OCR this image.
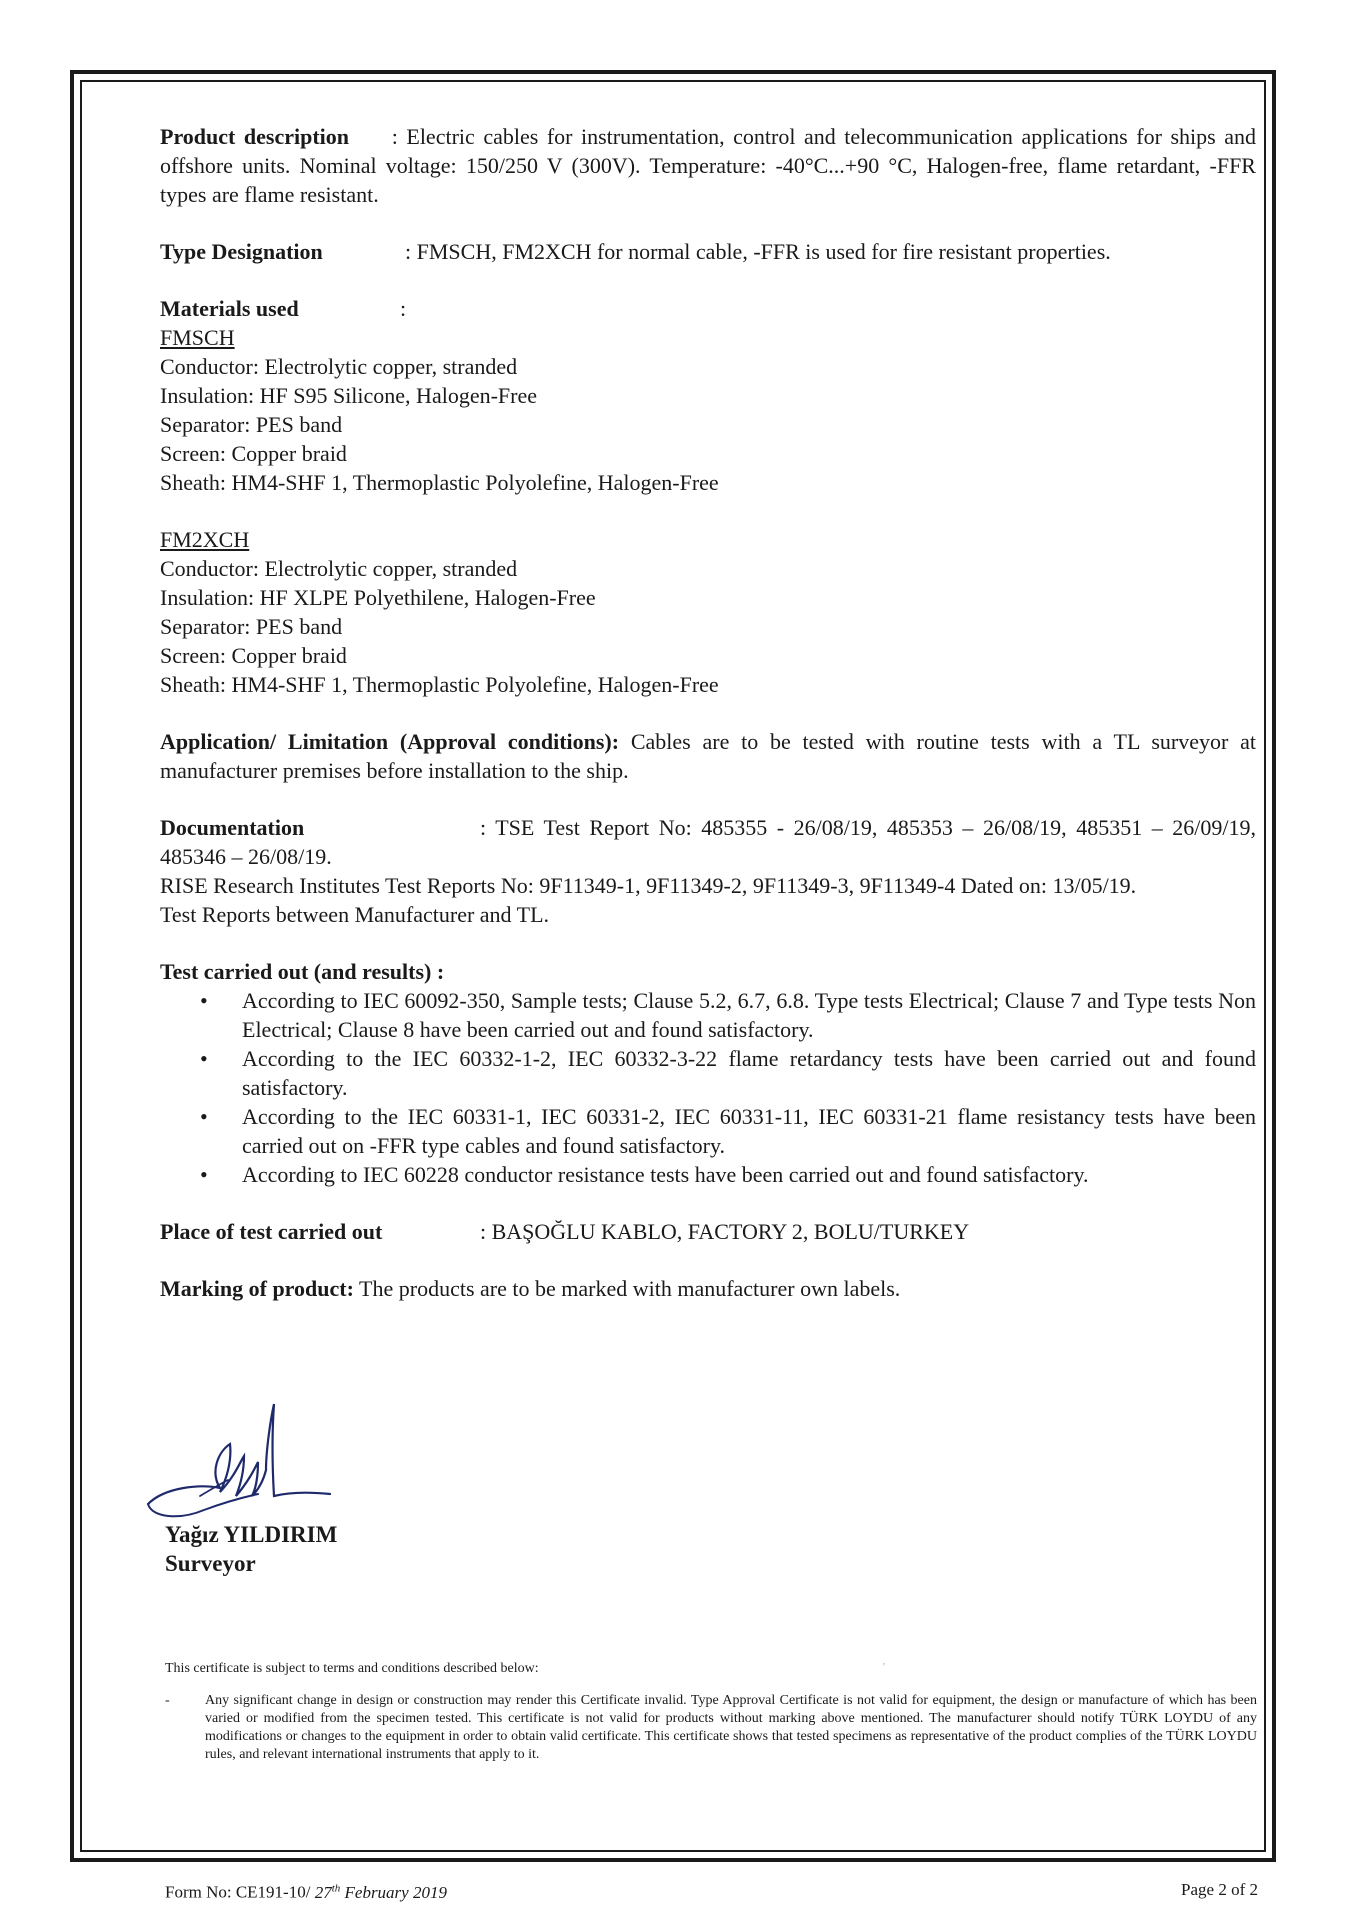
Product description : Electric cables for instrumentation, control and telecommunication applications for ships and offshore units. Nominal voltage: 150/250 V (300V). Temperature: -40°C...+90 °C, Halogen-free, flame retardant, -FFR types are flame resistant.

Type Designation	: FMSCH, FM2XCH for normal cable, -FFR is used for fire resistant properties.

Materials used	:

FMSCH

Conductor: Electrolytic copper, stranded

Insulation: HF S95 Silicone, Halogen-Free

Separator: PES band

Screen: Copper braid

Sheath: HM4-SHF 1, Thermoplastic Polyolefine, Halogen-Free

FM2XCH

Conductor: Electrolytic copper, stranded

Insulation: HF XLPE Polyethilene, Halogen-Free

Separator: PES band

Screen: Copper braid

Sheath: HM4-SHF 1, Thermoplastic Polyolefine, Halogen-Free

Application/ Limitation (Approval conditions): Cables are to be tested with routine tests with a TL surveyor at manufacturer premises before installation to the ship.

Documentation	: TSE Test Report No: 485355 - 26/08/19, 485353 – 26/08/19, 485351 – 26/09/19, 485346 – 26/08/19.

RISE Research Institutes Test Reports No: 9F11349-1, 9F11349-2, 9F11349-3, 9F11349-4 Dated on: 13/05/19.

Test Reports between Manufacturer and TL.

Test carried out (and results) :

• According to IEC 60092-350, Sample tests; Clause 5.2, 6.7, 6.8. Type tests Electrical; Clause 7 and Type tests Non Electrical; Clause 8 have been carried out and found satisfactory.
• According to the IEC 60332-1-2, IEC 60332-3-22 flame retardancy tests have been carried out and found satisfactory.
• According to the IEC 60331-1, IEC 60331-2, IEC 60331-11, IEC 60331-21 flame resistancy tests have been carried out on -FFR type cables and found satisfactory.
• According to IEC 60228 conductor resistance tests have been carried out and found satisfactory.

Place of test carried out	: BAŞOĞLU KABLO, FACTORY 2, BOLU/TURKEY

Marking of product: The products are to be marked with manufacturer own labels.

Yağız YILDIRIM
Surveyor
'
This certificate is subject to terms and conditions described below:
-	Any significant change in design or construction may render this Certificate invalid. Type Approval Certificate is not valid for equipment, the design or manufacture of which has been varied or modified from the specimen tested. This certificate is not valid for products without marking above mentioned. The manufacturer should notify TÜRK LOYDU of any modifications or changes to the equipment in order to obtain valid certificate. This certificate shows that tested specimens as representative of the product complies of the TÜRK LOYDU rules, and relevant international instruments that apply to it.
Form No: CE191-10/ 27th February 2019	Page 2 of 2
